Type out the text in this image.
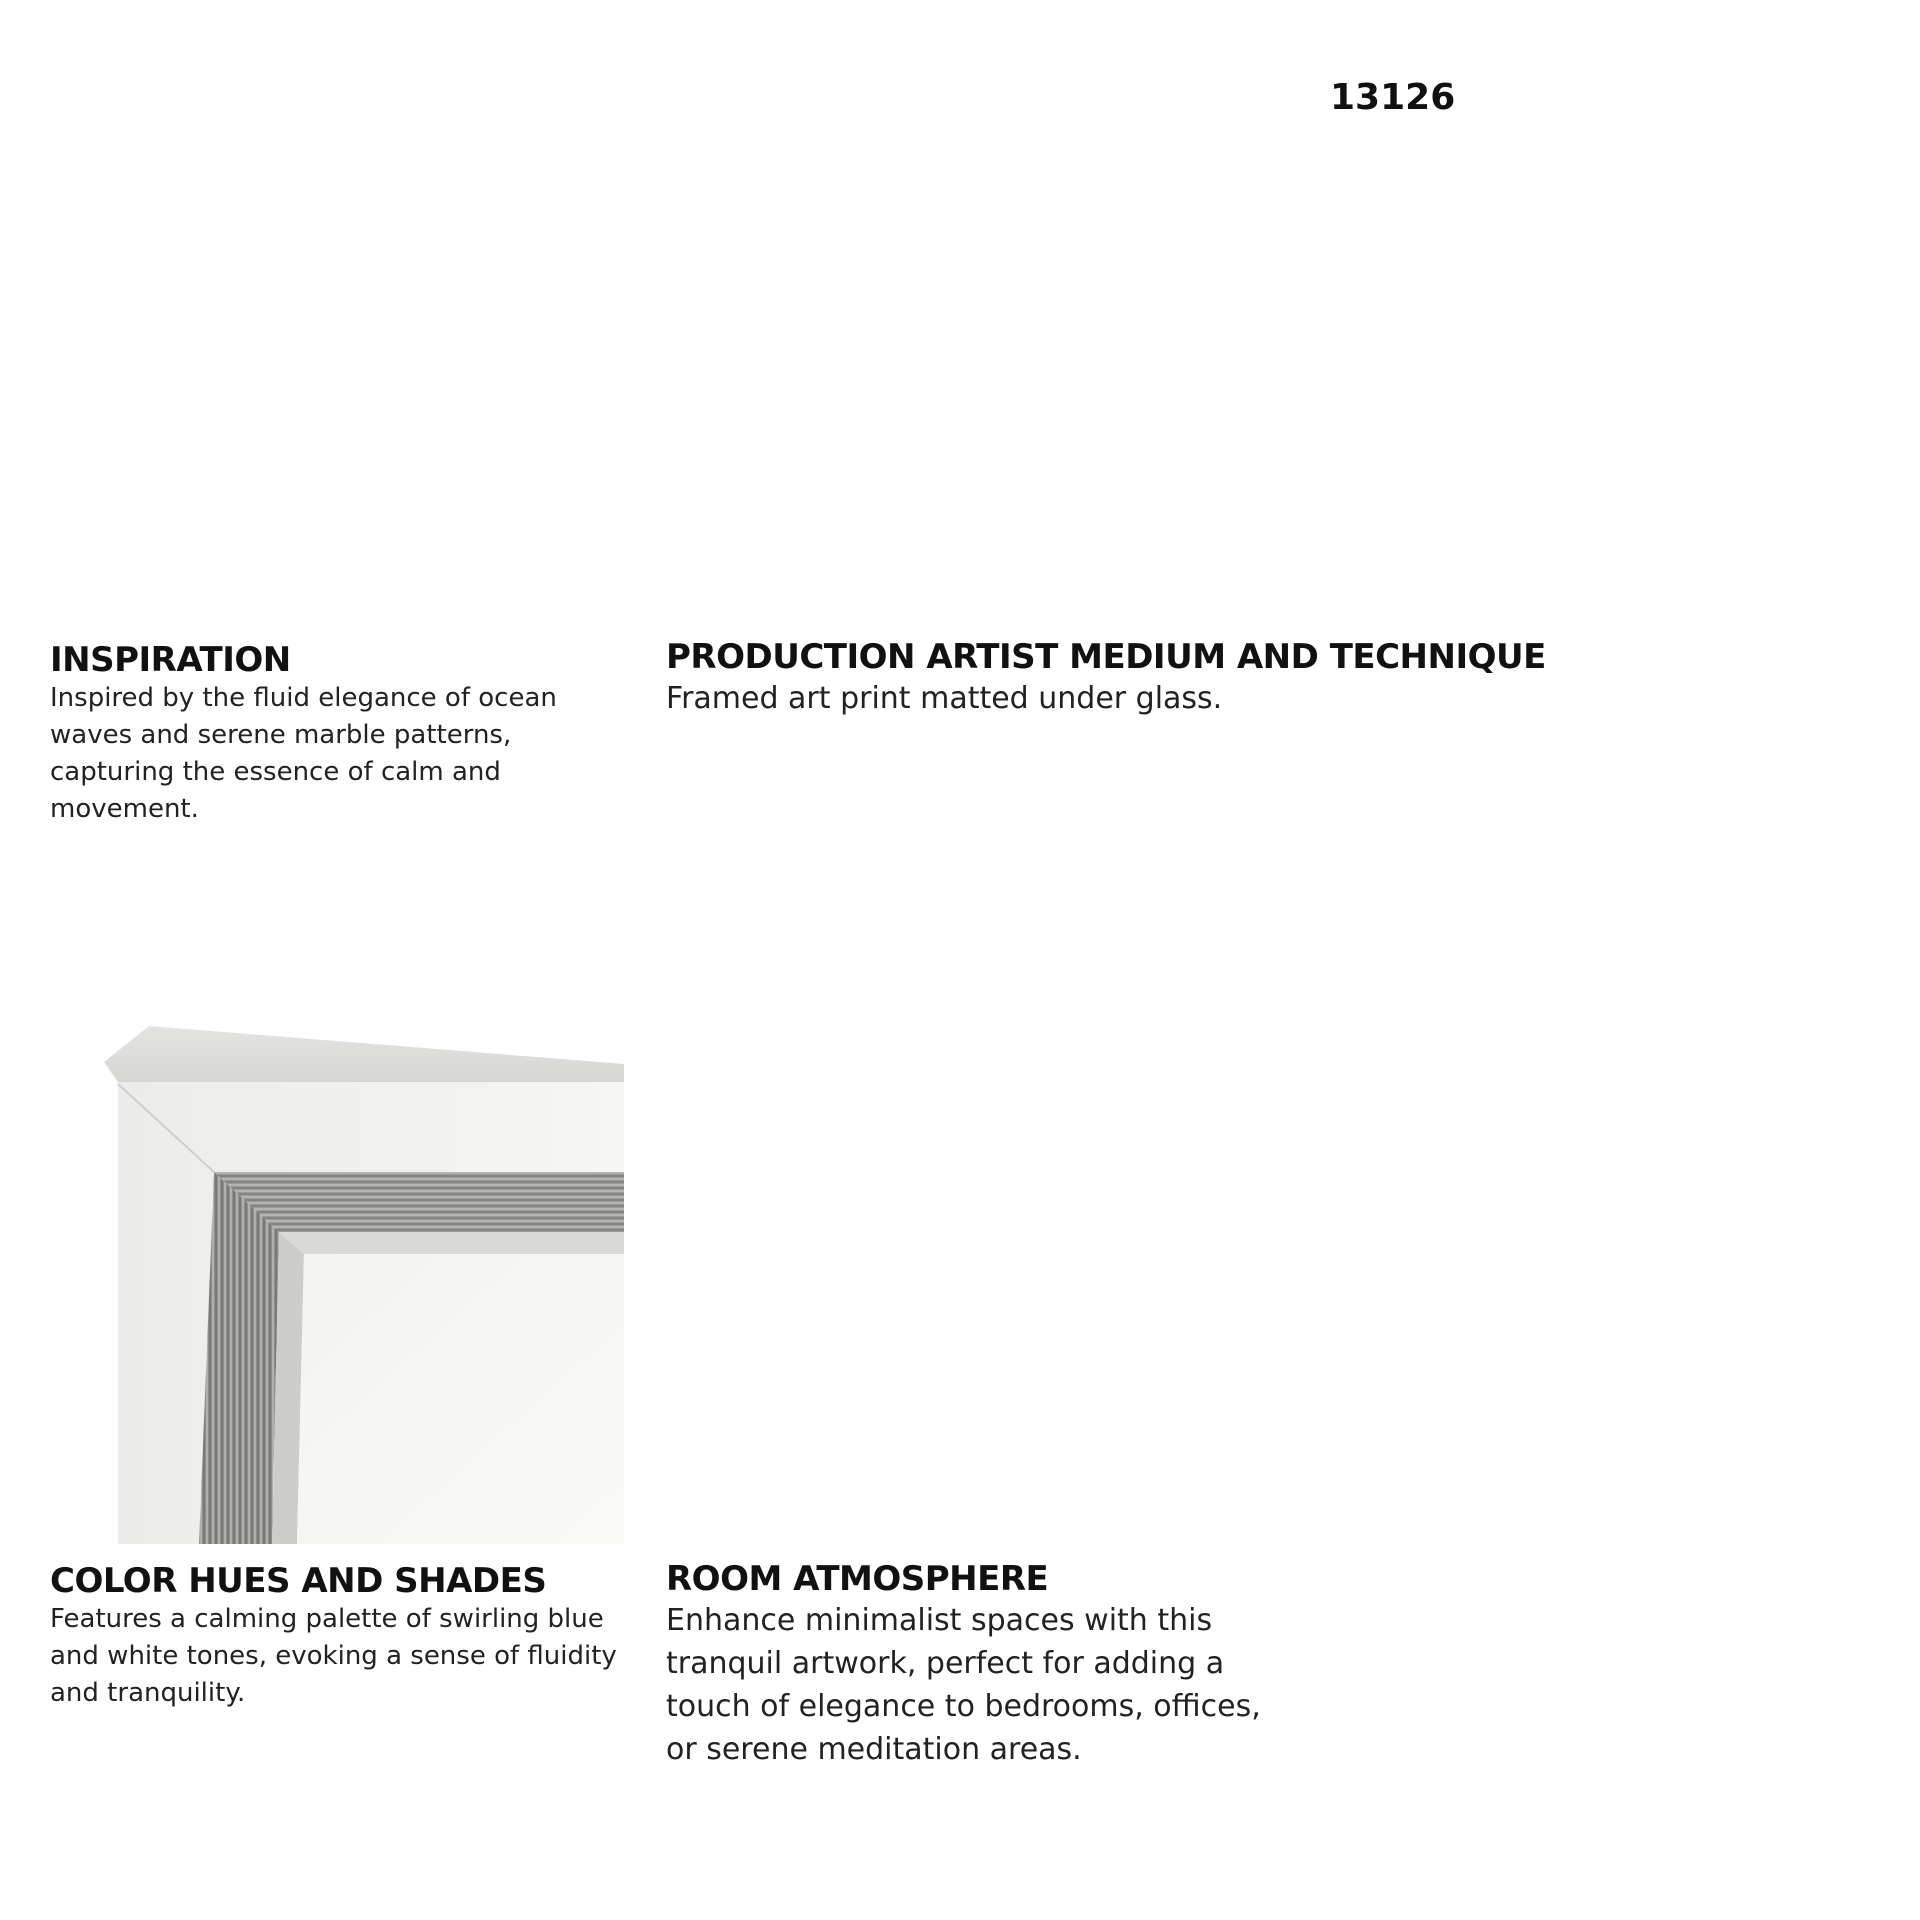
13126
INSPIRATION

Inspired by the fluid elegance of ocean waves and serene marble patterns, capturing the essence of calm and movement.

PRODUCTION ARTIST MEDIUM AND TECHNIQUE

Framed art print matted under glass.

COLOR HUES AND SHADES

Features a calming palette of swirling blue and white tones, evoking a sense of fluidity and tranquility.

ROOM ATMOSPHERE

Enhance minimalist spaces with this tranquil artwork, perfect for adding a touch of elegance to bedrooms, offices, or serene meditation areas.
